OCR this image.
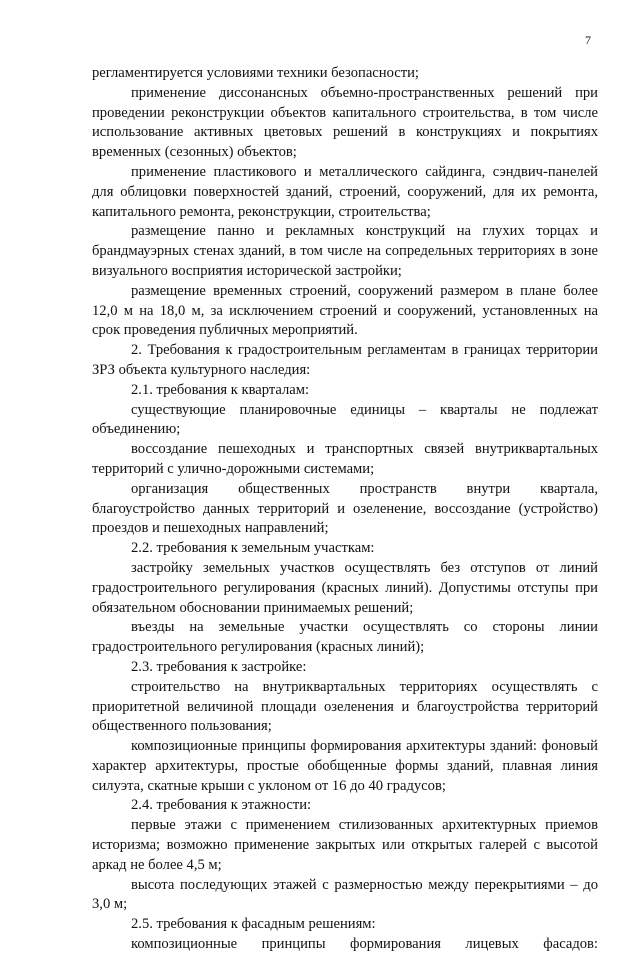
7

регламентируется условиями техники безопасности;

применение диссонансных объемно-пространственных решений при проведении реконструкции объектов капитального строительства, в том числе использование активных цветовых решений в конструкциях и покрытиях временных (сезонных) объектов;

применение пластикового и металлического сайдинга, сэндвич-панелей для облицовки поверхностей зданий, строений, сооружений, для их ремонта, капитального ремонта, реконструкции, строительства;

размещение панно и рекламных конструкций на глухих торцах и брандмауэрных стенах зданий, в том числе на сопредельных территориях в зоне визуального восприятия исторической застройки;

размещение временных строений, сооружений размером в плане более 12,0 м на 18,0 м, за исключением строений и сооружений, установленных на срок проведения публичных мероприятий.

2. Требования к градостроительным регламентам в границах территории ЗРЗ объекта культурного наследия:

2.1. требования к кварталам:

существующие планировочные единицы – кварталы не подлежат объединению;

воссоздание пешеходных и транспортных связей внутриквартальных территорий с улично-дорожными системами;

организация общественных пространств внутри квартала, благоустройство данных территорий и озеленение, воссоздание (устройство) проездов и пешеходных направлений;

2.2. требования к земельным участкам:

застройку земельных участков осуществлять без отступов от линий градостроительного регулирования (красных линий). Допустимы отступы при обязательном обосновании принимаемых решений;

въезды на земельные участки осуществлять со стороны линии градостроительного регулирования (красных линий);

2.3. требования к застройке:

строительство на внутриквартальных территориях осуществлять с приоритетной величиной площади озеленения и благоустройства территорий общественного пользования;

композиционные принципы формирования архитектуры зданий: фоновый характер архитектуры, простые обобщенные формы зданий, плавная линия силуэта, скатные крыши с уклоном от 16 до 40 градусов;

2.4. требования к этажности:

первые этажи с применением стилизованных архитектурных приемов историзма; возможно применение закрытых или открытых галерей с высотой аркад не более 4,5 м;

высота последующих этажей с размерностью между перекрытиями – до 3,0 м;

2.5. требования к фасадным решениям:

композиционные принципы формирования лицевых фасадов:
